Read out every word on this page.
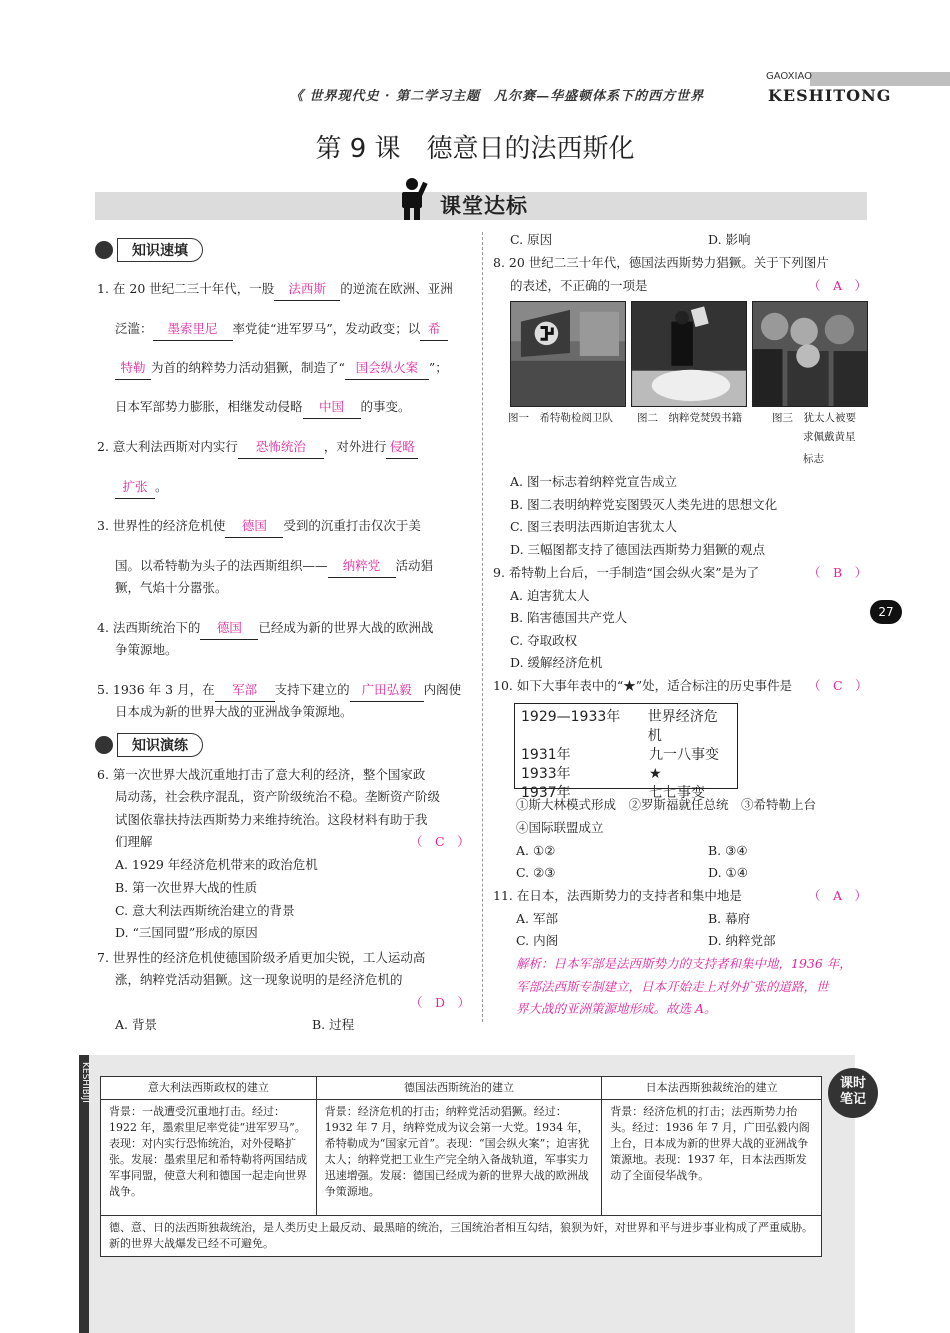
《 世界现代史 · 第二学习主题　凡尔赛—华盛顿体系下的西方世界
GAOXIAO
KESHITONG
第 9 课　德意日的法西斯化
课堂达标
知识速填
1. 在 20 世纪二三十年代，一股 法西斯 的逆流在欧洲、亚洲
泛滥： 墨索里尼 率党徒“进军罗马”，发动政变；以 希
特勒 为首的纳粹势力活动猖獗，制造了“ 国会纵火案 ”；
日本军部势力膨胀，相继发动侵略 中国 的事变。
2. 意大利法西斯对内实行 恐怖统治 ，对外进行 侵略
扩张 。
3. 世界性的经济危机使 德国 受到的沉重打击仅次于美
国。以希特勒为头子的法西斯组织—— 纳粹党 活动猖
獗，气焰十分嚣张。
4. 法西斯统治下的 德国 已经成为新的世界大战的欧洲战
争策源地。
5. 1936 年 3 月，在 军部 支持下建立的 广田弘毅 内阁使
日本成为新的世界大战的亚洲战争策源地。
知识演练
6. 第一次世界大战沉重地打击了意大利的经济，整个国家政
局动荡，社会秩序混乱，资产阶级统治不稳。垄断资产阶级
试图依靠扶持法西斯势力来维持统治。这段材料有助于我
们理解	（　C　）
A. 1929 年经济危机带来的政治危机
B. 第一次世界大战的性质
C. 意大利法西斯统治建立的背景
D. “三国同盟”形成的原因
7. 世界性的经济危机使德国阶级矛盾更加尖锐，工人运动高
涨，纳粹党活动猖獗。这一现象说明的是经济危机的
（　D　）
A. 背景	B. 过程
C. 原因	D. 影响
8. 20 世纪二三十年代，德国法西斯势力猖獗。关于下列图片
的表述，不正确的一项是	（　A　）
图一　希特勒检阅卫队 图二　纳粹党焚毁书籍	图三　犹太人被要
求佩戴黄星
标志
A. 图一标志着纳粹党宣告成立
B. 图二表明纳粹党妄图毁灭人类先进的思想文化
C. 图三表明法西斯迫害犹太人
D. 三幅图都支持了德国法西斯势力猖獗的观点
9. 希特勒上台后，一手制造“国会纵火案”是为了	（　B　）
A. 迫害犹太人
B. 陷害德国共产党人
C. 夺取政权
D. 缓解经济危机
27
10. 如下大事年表中的“★”处，适合标注的历史事件是 （　C　）
1929—1933年	世界经济危机
1931年	九一八事变
1933年	★
1937年	七七事变
①斯大林模式形成　②罗斯福就任总统　③希特勒上台
④国际联盟成立
A. ①②	B. ③④
C. ②③	D. ①④
11. 在日本，法西斯势力的支持者和集中地是	（　A　）
A. 军部	B. 幕府
C. 内阁	D. 纳粹党部
解析：日本军部是法西斯势力的支持者和集中地，1936 年，
军部法西斯专制建立，日本开始走上对外扩张的道路，世
界大战的亚洲策源地形成。故选 A。
KESHIBIJI	课时
笔记
意大利法西斯政权的建立	德国法西斯统治的建立	日本法西斯独裁统治的建立
背景：一战遭受沉重地打击。经过：1922 年，墨索里尼率党徒“进军罗马”。表现：对内实行恐怖统治，对外侵略扩张。发展：墨索里尼和希特勒将两国结成军事同盟，使意大利和德国一起走向世界战争。	背景：经济危机的打击；纳粹党活动猖獗。经过：1932 年 7 月，纳粹党成为议会第一大党。1934 年，希特勒成为“国家元首”。表现：“国会纵火案”；迫害犹太人；纳粹党把工业生产完全纳入备战轨道，军事实力迅速增强。发展：德国已经成为新的世界大战的欧洲战争策源地。	背景：经济危机的打击；法西斯势力抬头。经过：1936 年 7 月，广田弘毅内阁上台，日本成为新的世界大战的亚洲战争策源地。表现：1937 年，日本法西斯发动了全面侵华战争。
德、意、日的法西斯独裁统治，是人类历史上最反动、最黑暗的统治，三国统治者相互勾结，狼狈为奸，对世界和平与进步事业构成了严重威胁。新的世界大战爆发已经不可避免。		
